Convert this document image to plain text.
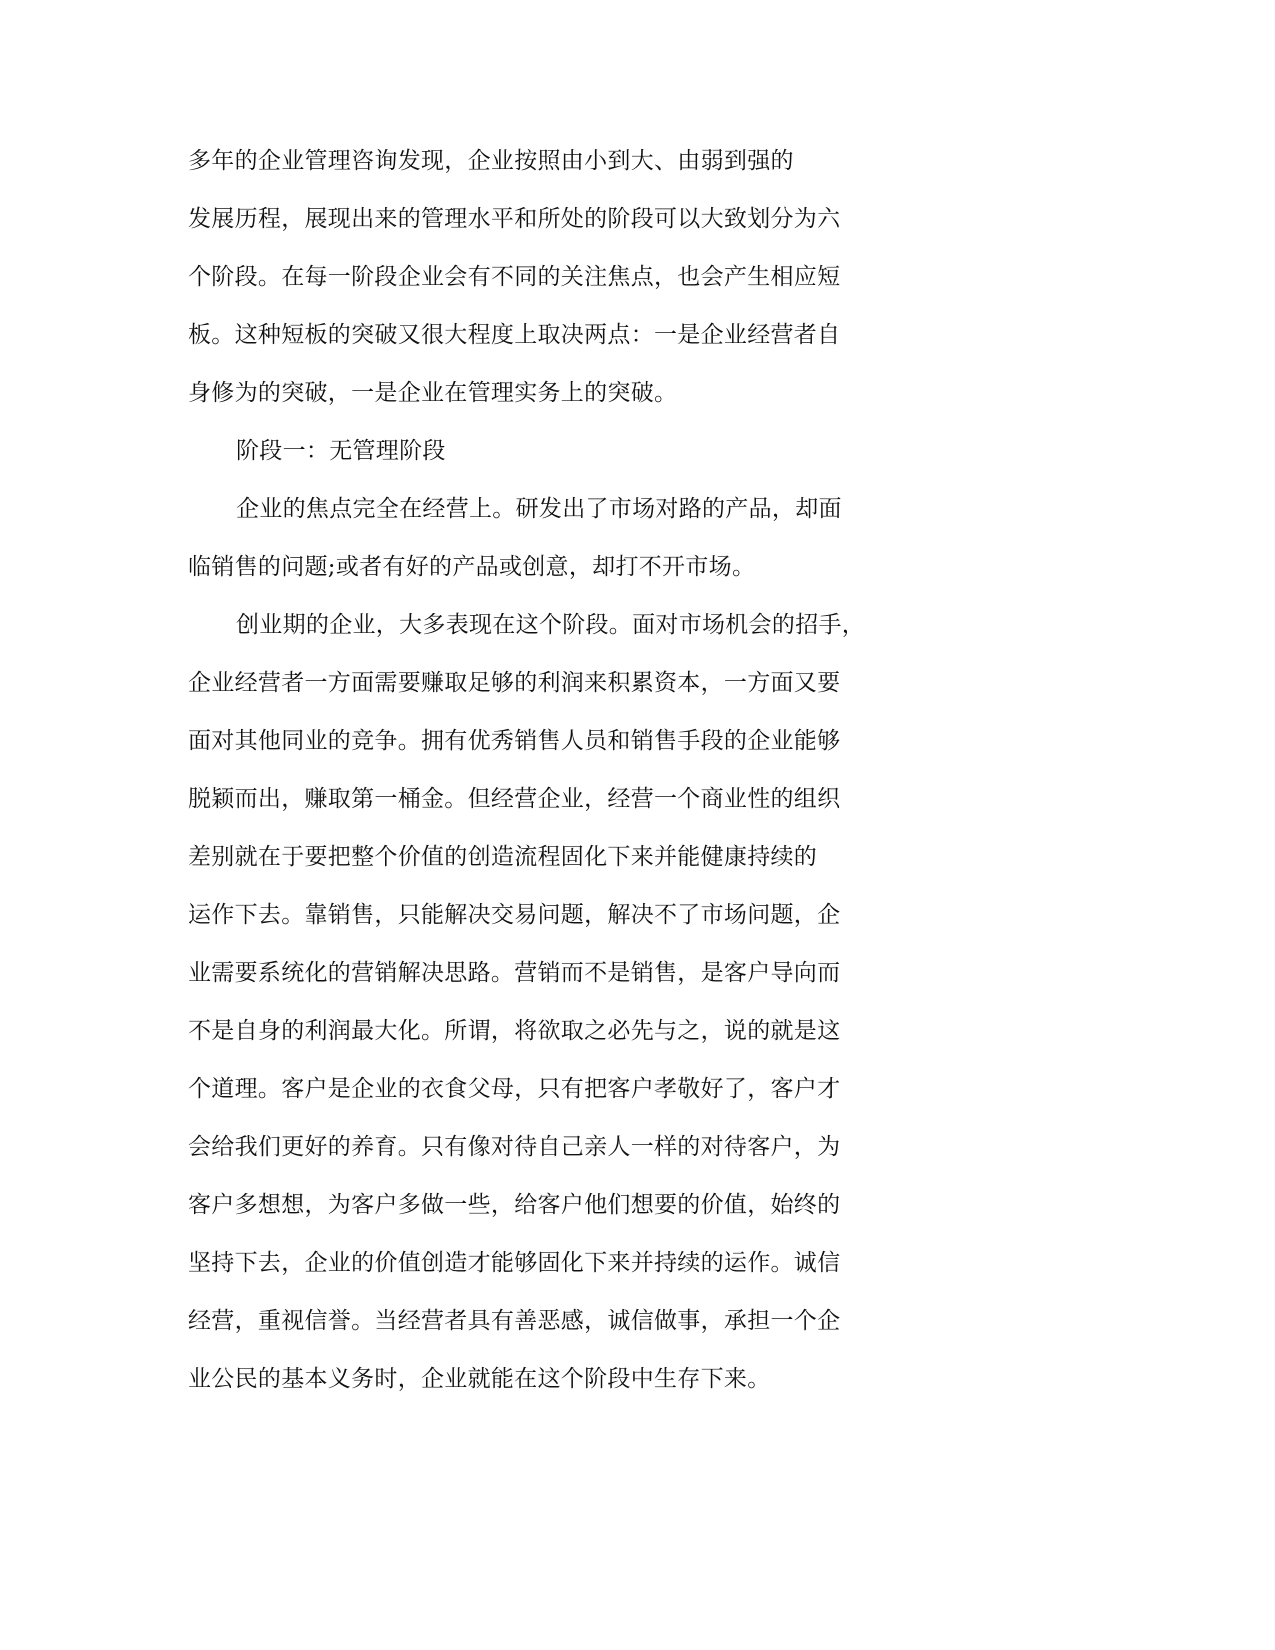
多年的企业管理咨询发现，企业按照由小到大、由弱到强的
发展历程，展现出来的管理水平和所处的阶段可以大致划分为六
个阶段。在每一阶段企业会有不同的关注焦点，也会产生相应短
板。这种短板的突破又很大程度上取决两点：一是企业经营者自
身修为的突破，一是企业在管理实务上的突破。
阶段一：无管理阶段
企业的焦点完全在经营上。研发出了市场对路的产品，却面
临销售的问题;或者有好的产品或创意，却打不开市场。
创业期的企业，大多表现在这个阶段。面对市场机会的招手，
企业经营者一方面需要赚取足够的利润来积累资本，一方面又要
面对其他同业的竞争。拥有优秀销售人员和销售手段的企业能够
脱颖而出，赚取第一桶金。但经营企业，经营一个商业性的组织
差别就在于要把整个价值的创造流程固化下来并能健康持续的
运作下去。靠销售，只能解决交易问题，解决不了市场问题，企
业需要系统化的营销解决思路。营销而不是销售，是客户导向而
不是自身的利润最大化。所谓，将欲取之必先与之，说的就是这
个道理。客户是企业的衣食父母，只有把客户孝敬好了，客户才
会给我们更好的养育。只有像对待自己亲人一样的对待客户，为
客户多想想，为客户多做一些，给客户他们想要的价值，始终的
坚持下去，企业的价值创造才能够固化下来并持续的运作。诚信
经营，重视信誉。当经营者具有善恶感，诚信做事，承担一个企
业公民的基本义务时，企业就能在这个阶段中生存下来。
